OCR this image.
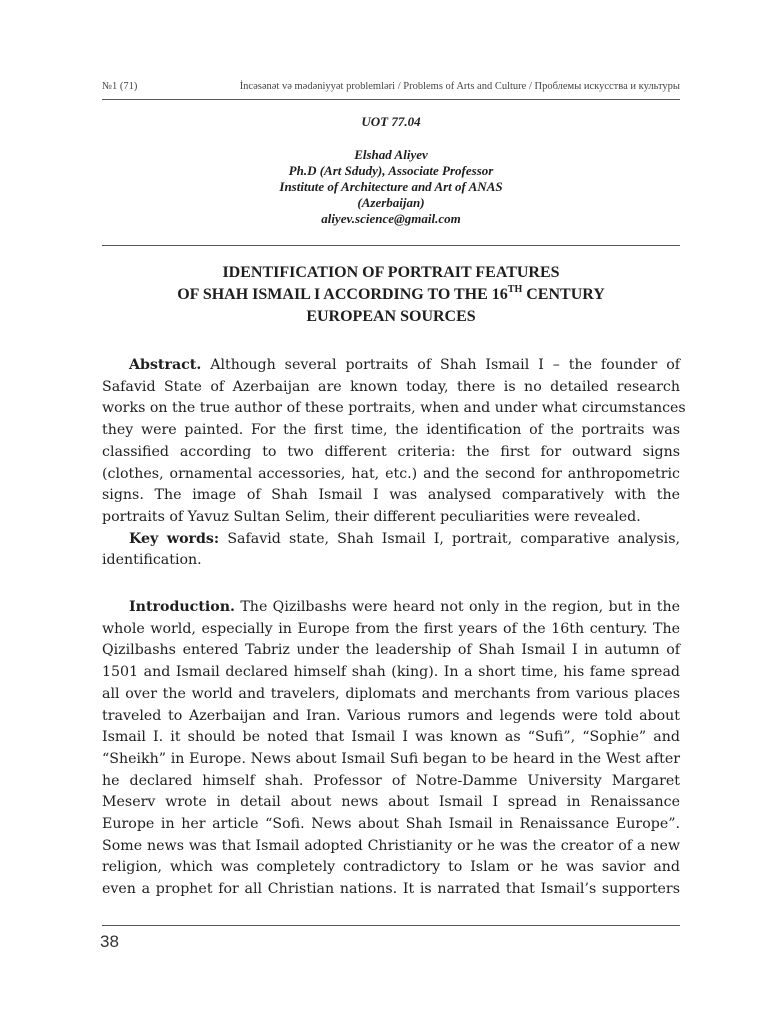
№1 (71)	İncəsənət və mədəniyyət problemləri / Problems of Arts and Culture / Проблемы искусства и культуры
UOT 77.04
Elshad Aliyev
Ph.D (Art Sdudy), Associate Professor
Institute of Architecture and Art of ANAS
(Azerbaijan)
aliyev.science@gmail.com
IDENTIFICATION OF PORTRAIT FEATURES
OF SHAH ISMAIL I ACCORDING TO THE 16TH CENTURY
EUROPEAN SOURCES
Abstract. Although several portraits of Shah Ismail I – the founder of
Safavid State of Azerbaijan are known today, there is no detailed research
works on the true author of these portraits, when and under what circumstances
they were painted. For the first time, the identification of the portraits was
classified according to two different criteria: the first for outward signs
(clothes, ornamental accessories, hat, etc.) and the second for anthropometric
signs. The image of Shah Ismail I was analysed comparatively with the
portraits of Yavuz Sultan Selim, their different peculiarities were revealed.
Key words: Safavid state, Shah Ismail I, portrait, comparative analysis,
identification.
Introduction. The Qizilbashs were heard not only in the region, but in the
whole world, especially in Europe from the first years of the 16th century. The
Qizilbashs entered Tabriz under the leadership of Shah Ismail I in autumn of
1501 and Ismail declared himself shah (king). In a short time, his fame spread
all over the world and travelers, diplomats and merchants from various places
traveled to Azerbaijan and Iran. Various rumors and legends were told about
Ismail I. it should be noted that Ismail I was known as “Sufi”, “Sophie” and
“Sheikh” in Europe. News about Ismail Sufi began to be heard in the West after
he declared himself shah. Professor of Notre-Damme University Margaret
Meserv wrote in detail about news about Ismail I spread in Renaissance
Europe in her article “Sofi. News about Shah Ismail in Renaissance Europe”.
Some news was that Ismail adopted Christianity or he was the creator of a new
religion, which was completely contradictory to Islam or he was savior and
even a prophet for all Christian nations. It is narrated that Ismail’s supporters
38
